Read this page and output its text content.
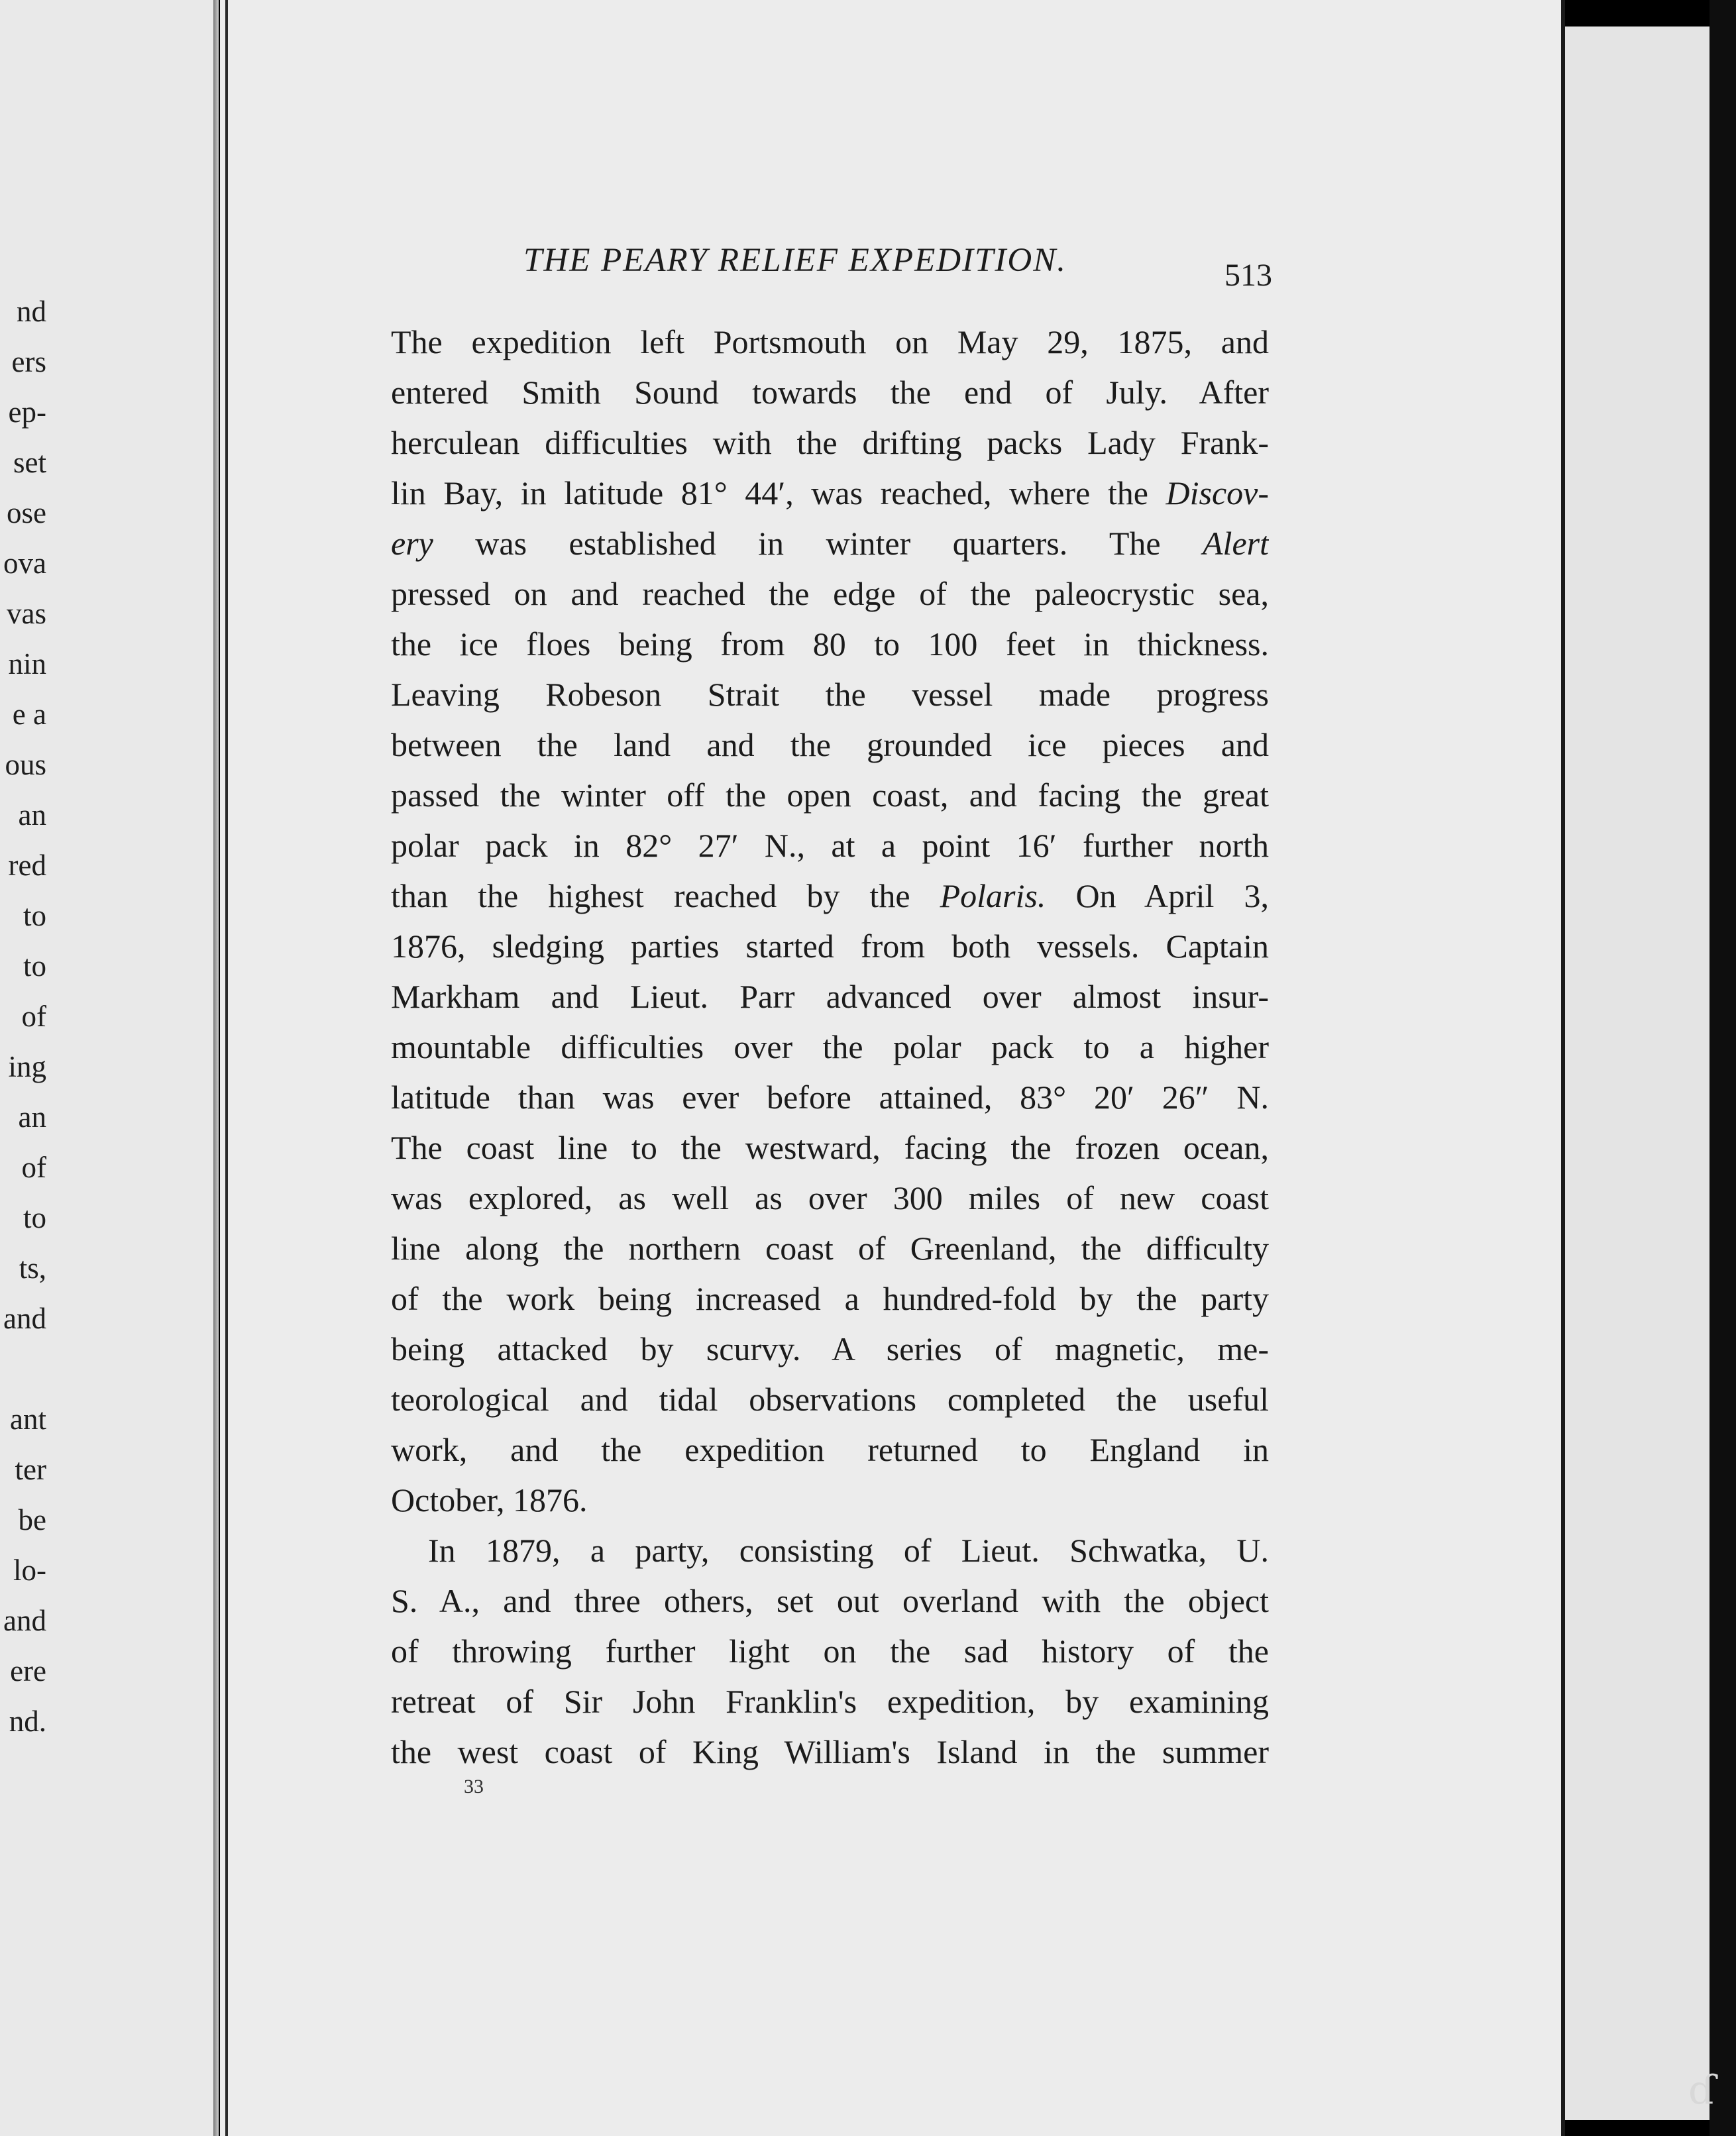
nd
ers
ep-
set
ose
ova
vas
nin
e a
ous
an
red
to
to
of
ing
an
of
to
ts,
and
ant
ter
be
lo-
and
ere
nd.
THE PEARY RELIEF EXPEDITION.	513
The expedition left Portsmouth on May 29, 1875, and
entered Smith Sound towards the end of July. After
herculean difficulties with the drifting packs Lady Frank-
lin Bay, in latitude 81° 44′, was reached, where the Discov-
ery was established in winter quarters. The Alert
pressed on and reached the edge of the paleocrystic sea,
the ice floes being from 80 to 100 feet in thickness.
Leaving Robeson Strait the vessel made progress
between the land and the grounded ice pieces and
passed the winter off the open coast, and facing the great
polar pack in 82° 27′ N., at a point 16′ further north
than the highest reached by the Polaris. On April 3,
1876, sledging parties started from both vessels. Captain
Markham and Lieut. Parr advanced over almost insur-
mountable difficulties over the polar pack to a higher
latitude than was ever before attained, 83° 20′ 26″ N.
The coast line to the westward, facing the frozen ocean,
was explored, as well as over 300 miles of new coast
line along the northern coast of Greenland, the difficulty
of the work being increased a hundred-fold by the party
being attacked by scurvy. A series of magnetic, me-
teorological and tidal observations completed the useful
work, and the expedition returned to England in
October, 1876.
In 1879, a party, consisting of Lieut. Schwatka, U.
S. A., and three others, set out overland with the object
of throwing further light on the sad history of the
retreat of Sir John Franklin's expedition, by examining
the west coast of King William's Island in the summer
33
ɗ
